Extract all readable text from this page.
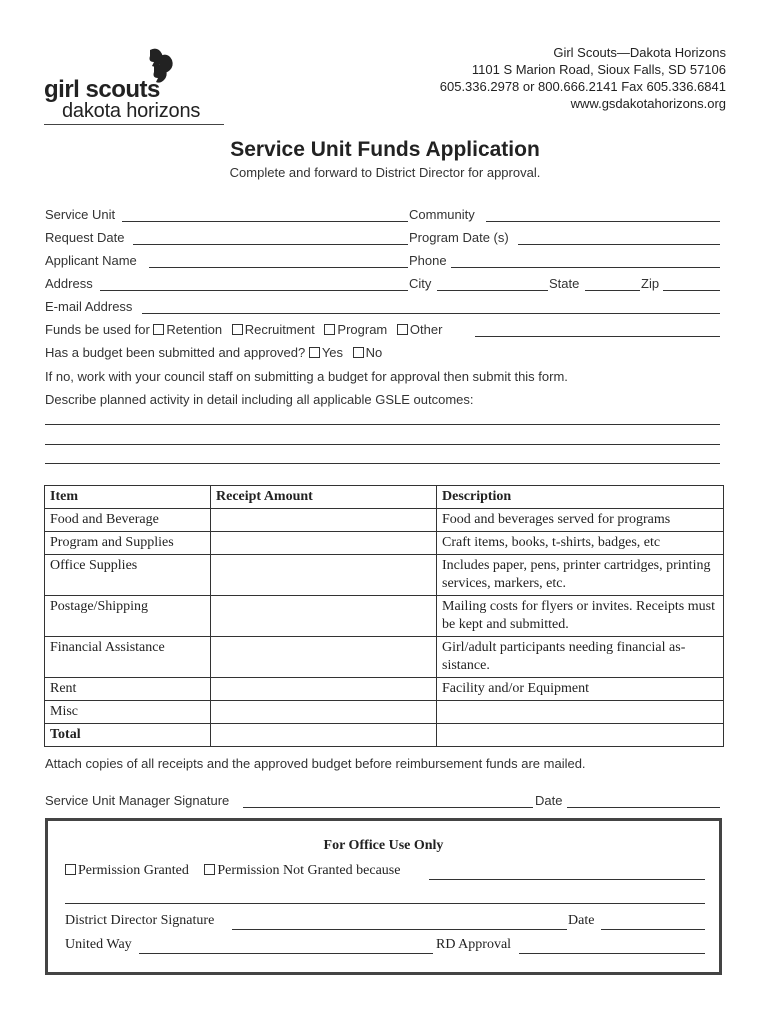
girl scouts
dakota horizons
Girl Scouts—Dakota Horizons
1101 S Marion Road, Sioux Falls, SD 57106
605.336.2978 or 800.666.2141 Fax 605.336.6841
www.gsdakotahorizons.org
Service Unit Funds Application
Complete and forward to District Director for approval.
Service Unit	Community
Request Date	Program Date (s)
Applicant Name	Phone
Address	City	State	Zip
E-mail Address
Funds be used for Retention Recruitment Program Other
Has a budget been submitted and approved? Yes No
If no, work with your council staff on submitting a budget for approval then submit this form.
Describe planned activity in detail including all applicable GSLE outcomes:
Item	Receipt Amount	Description
Food and Beverage		Food and beverages served for programs
Program and Supplies		Craft items, books, t-shirts, badges, etc
Office Supplies		Includes paper, pens, printer cartridges, printing services, markers, etc.
Postage/Shipping		Mailing costs for flyers or invites. Receipts must be kept and submitted.
Financial Assistance		Girl/adult participants needing financial as-sistance.
Rent		Facility and/or Equipment
Misc		
Total		
Attach copies of all receipts and the approved budget before reimbursement funds are mailed.
Service Unit Manager Signature	Date
For Office Use Only
Permission Granted Permission Not Granted because
District Director Signature	Date
United Way	RD Approval
